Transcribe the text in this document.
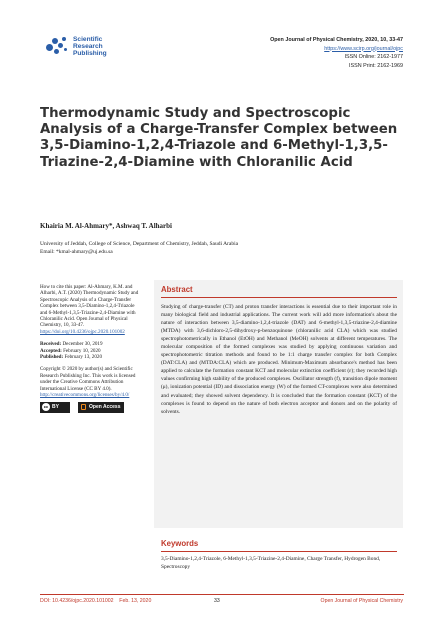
Scientific
Research
Publishing
Open Journal of Physical Chemistry, 2020, 10, 33-47
https://www.scirp.org/journal/ojpc
ISSN Online: 2162-1977
ISSN Print: 2162-1969
Thermodynamic Study and Spectroscopic Analysis of a Charge-Transfer Complex between 3,5-Diamino-1,2,4-Triazole and 6-Methyl-1,3,5-Triazine-2,4-Diamine with Chloranilic Acid
Khairia M. Al-Ahmary*, Ashwaq T. Alharbi
University of Jeddah, College of Science, Department of Chemistry, Jeddah, Saudi Arabia
Email: *kmal-ahmary@uj.edu.sa
How to cite this paper: Al-Ahmary, K.M. and Alharbi, A.T. (2020) Thermodynamic Study and Spectroscopic Analysis of a Charge-Transfer Complex between 3,5-Diamino-1,2,4-Triazole and 6-Methyl-1,3,5-Triazine-2,4-Diamine with Chloranilic Acid. Open Journal of Physical Chemistry, 10, 33-47.
https://doi.org/10.4236/ojpc.2020.101002
Received: December 30, 2019
Accepted: February 10, 2020
Published: February 13, 2020
Copyright © 2020 by author(s) and Scientific Research Publishing Inc. This work is licensed under the Creative Commons Attribution International License (CC BY 4.0).
http://creativecommons.org/licenses/by/4.0/
cc BY	Open Access
Abstract
Studying of charge-transfer (CT) and proton transfer interactions is essential due to their important role in many biological field and industrial applications. The current work will add more information's about the nature of interaction between 3,5-diamino-1,2,4-triazole (DAT) and 6-methyl-1,3,5-triazine-2,4-diamine (MTDA) with 3,6-dichloro-2,5-dihydroxy-p-benzoquinone (chloranilic acid CLA) which was studied spectrophotometrically in Ethanol (EtOH) and Methanol (MeOH) solvents at different temperatures. The molecular composition of the formed complexes was studied by applying continuous variation and spectrophotometric titration methods and found to be 1:1 charge transfer complex for both Complex (DAT:CLA) and (MTDA:CLA) which are produced. Minimum-Maximum absorbance's method has been applied to calculate the formation constant KCT and molecular extinction coefficient (ε); they recorded high values confirming high stability of the produced complexes. Oscillator strength (f), transition dipole moment (μ), ionization potential (ID) and dissociation energy (W) of the formed CT-complexes were also determined and evaluated; they showed solvent dependency. It is concluded that the formation constant (KCT) of the complexes is found to depend on the nature of both electron acceptor and donors and on the polarity of solvents.
Keywords
3,5-Diamino-1,2,4-Triazole, 6-Methyl-1,3,5-Triazine-2,4-Diamine, Charge Transfer, Hydrogen Bond, Spectroscopy
DOI: 10.4236/ojpc.2020.101002    Feb. 13, 2020	33	Open Journal of Physical Chemistry
